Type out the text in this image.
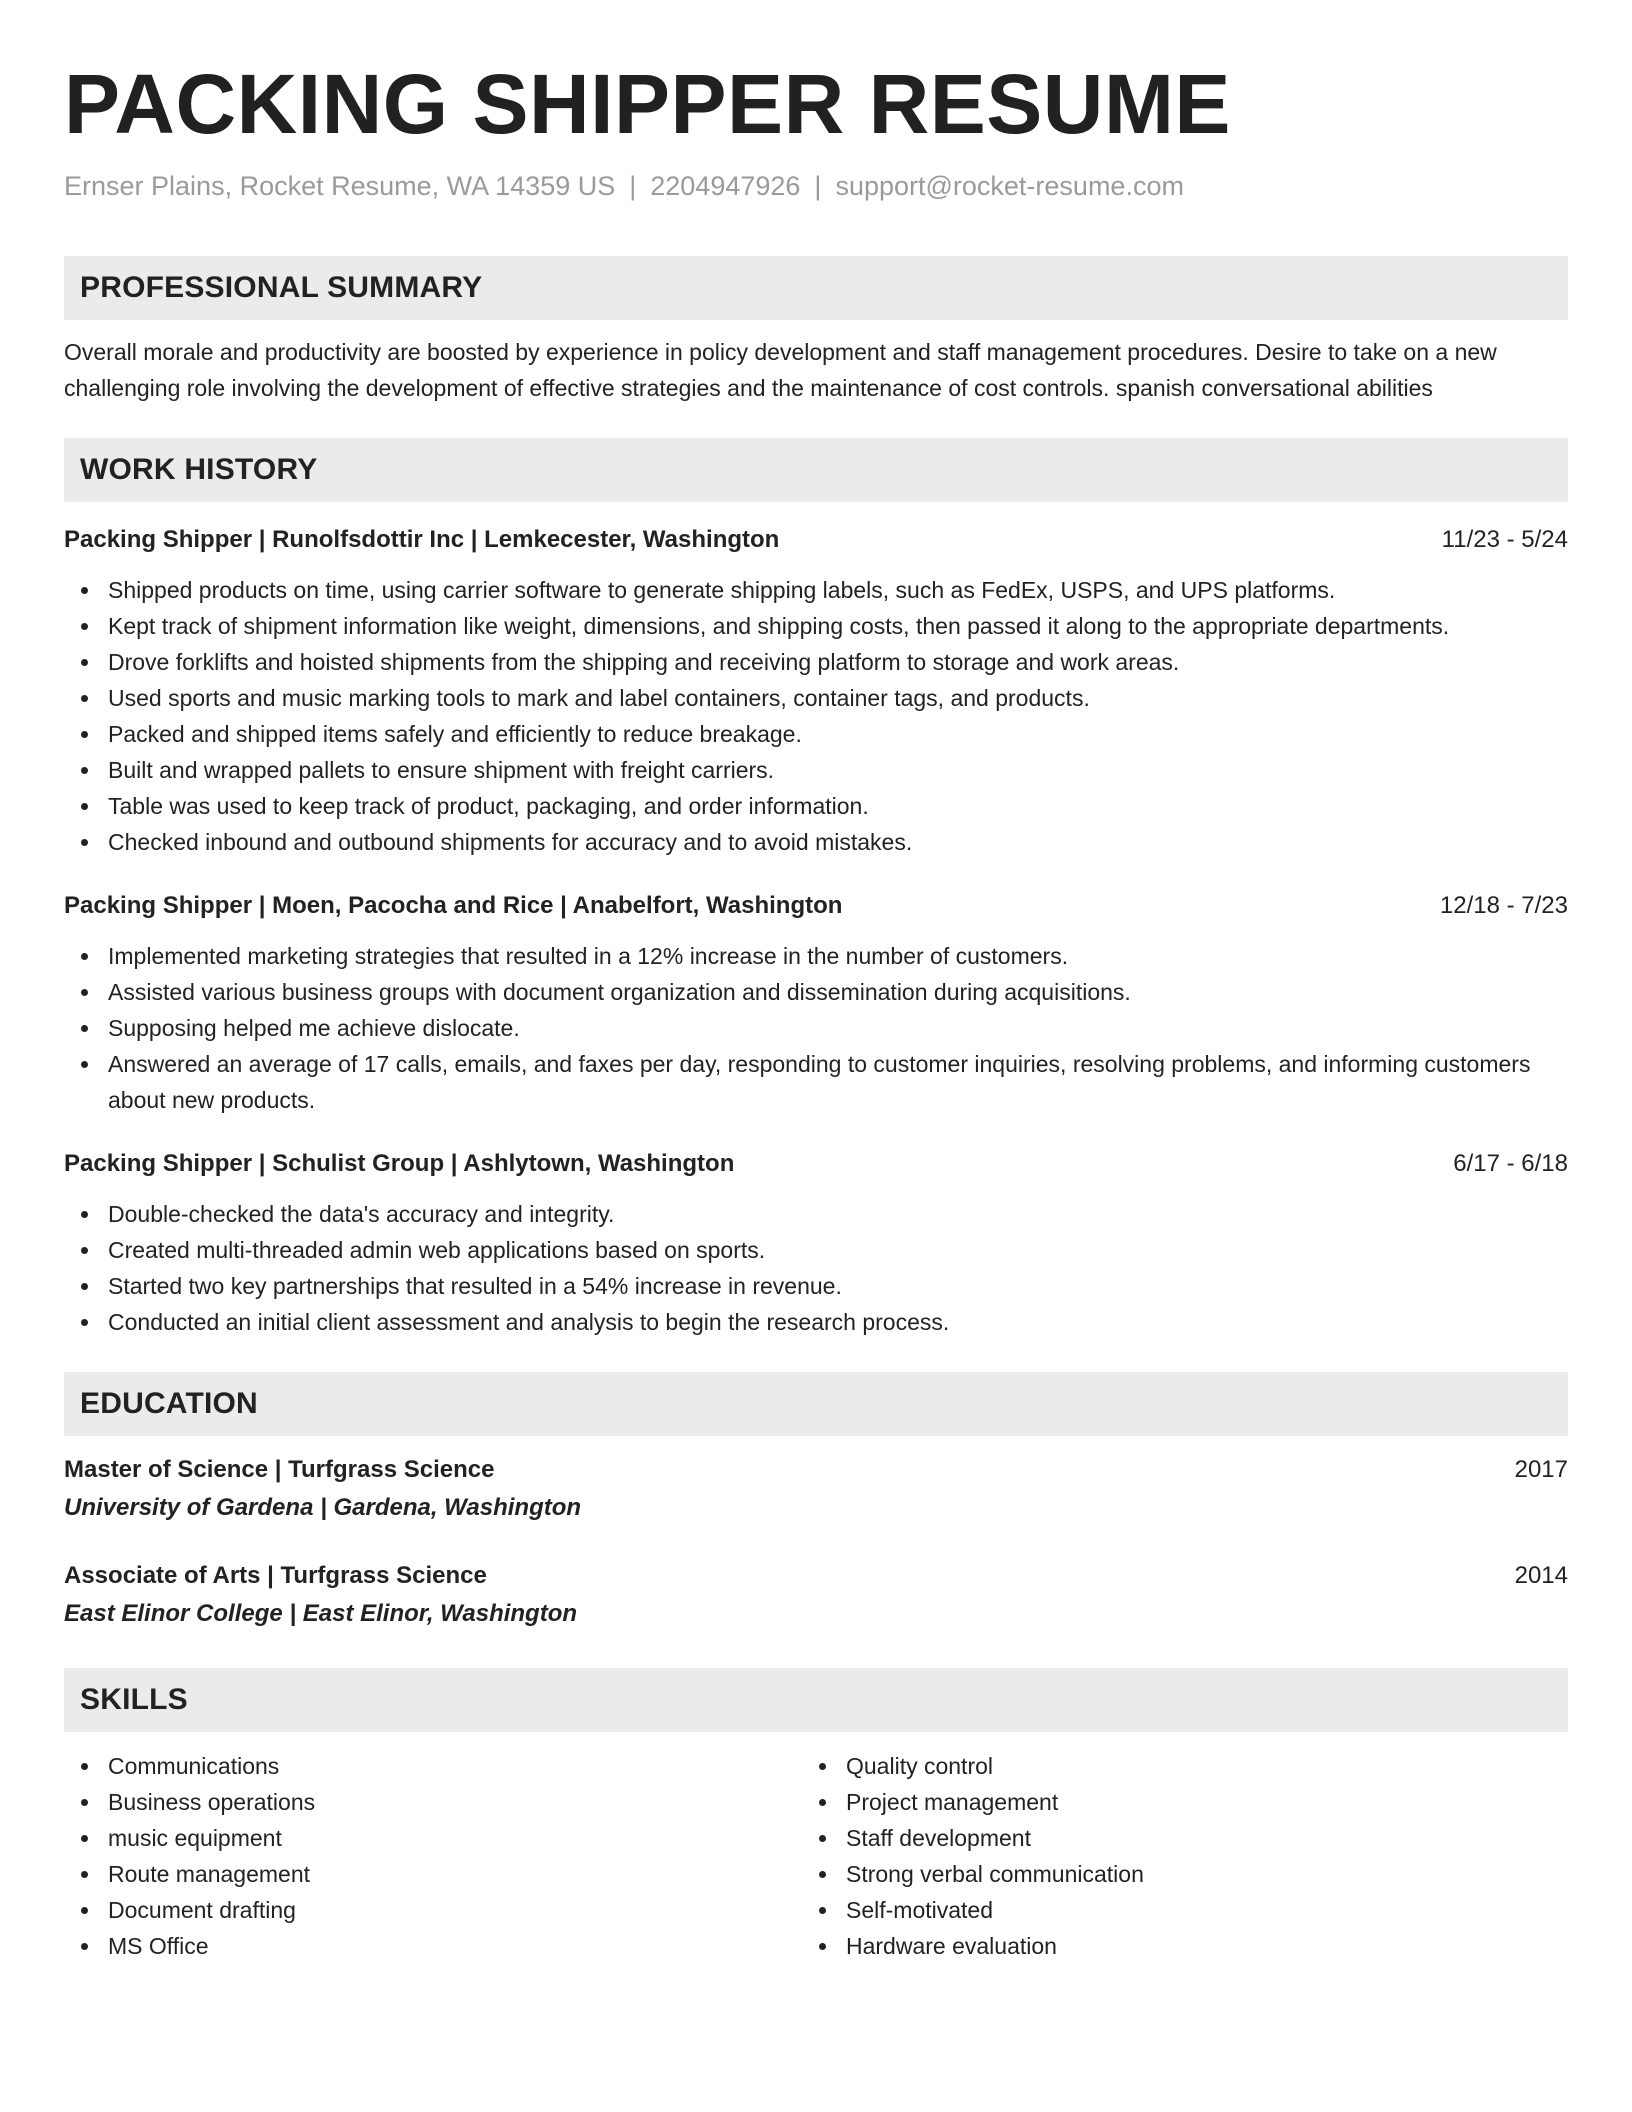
PACKING SHIPPER RESUME
Ernser Plains, Rocket Resume, WA 14359 US | 2204947926 | support@rocket-resume.com
PROFESSIONAL SUMMARY
Overall morale and productivity are boosted by experience in policy development and staff management procedures. Desire to take on a new challenging role involving the development of effective strategies and the maintenance of cost controls. spanish conversational abilities
WORK HISTORY
Packing Shipper | Runolfsdottir Inc | Lemkecester, Washington	11/23 - 5/24
Shipped products on time, using carrier software to generate shipping labels, such as FedEx, USPS, and UPS platforms.
Kept track of shipment information like weight, dimensions, and shipping costs, then passed it along to the appropriate departments.
Drove forklifts and hoisted shipments from the shipping and receiving platform to storage and work areas.
Used sports and music marking tools to mark and label containers, container tags, and products.
Packed and shipped items safely and efficiently to reduce breakage.
Built and wrapped pallets to ensure shipment with freight carriers.
Table was used to keep track of product, packaging, and order information.
Checked inbound and outbound shipments for accuracy and to avoid mistakes.
Packing Shipper | Moen, Pacocha and Rice | Anabelfort, Washington	12/18 - 7/23
Implemented marketing strategies that resulted in a 12% increase in the number of customers.
Assisted various business groups with document organization and dissemination during acquisitions.
Supposing helped me achieve dislocate.
Answered an average of 17 calls, emails, and faxes per day, responding to customer inquiries, resolving problems, and informing customers about new products.
Packing Shipper | Schulist Group | Ashlytown, Washington	6/17 - 6/18
Double-checked the data's accuracy and integrity.
Created multi-threaded admin web applications based on sports.
Started two key partnerships that resulted in a 54% increase in revenue.
Conducted an initial client assessment and analysis to begin the research process.
EDUCATION
Master of Science | Turfgrass Science	2017
University of Gardena | Gardena, Washington
Associate of Arts | Turfgrass Science	2014
East Elinor College | East Elinor, Washington
SKILLS
Communications
Business operations
music equipment
Route management
Document drafting
MS Office
Quality control
Project management
Staff development
Strong verbal communication
Self-motivated
Hardware evaluation
